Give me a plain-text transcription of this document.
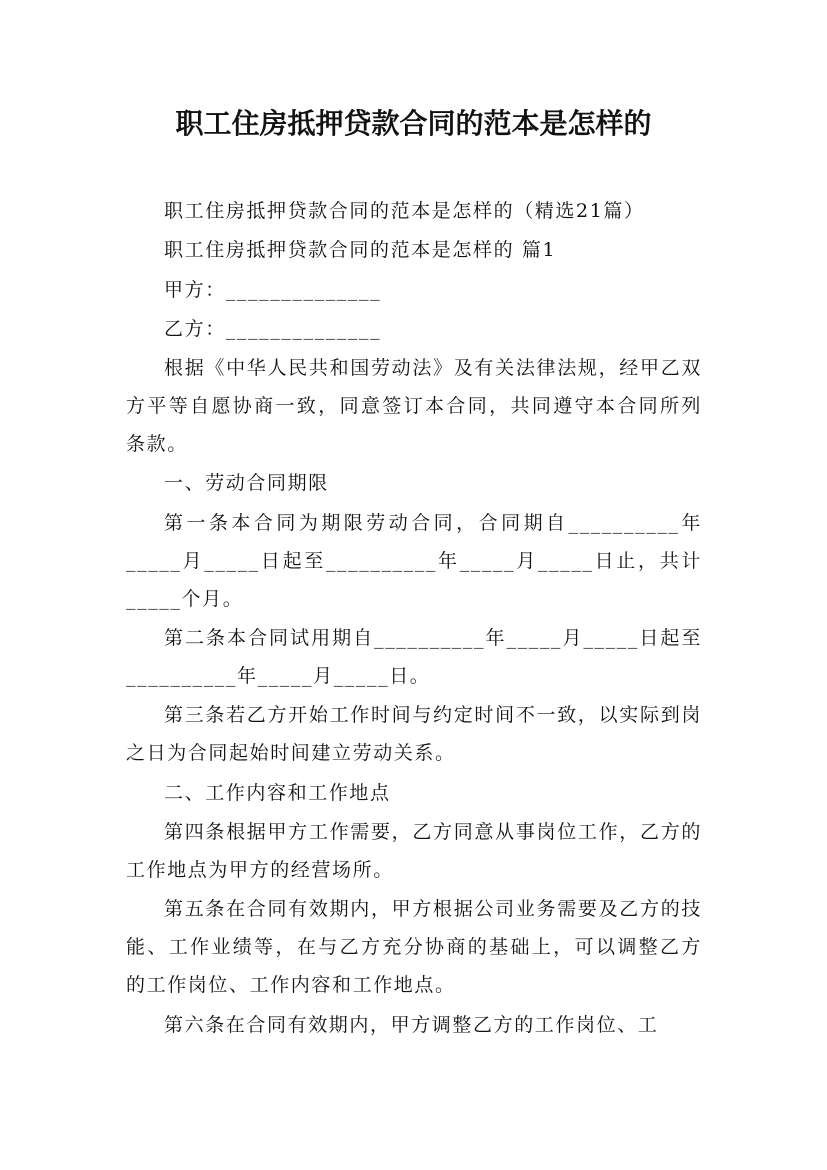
职工住房抵押贷款合同的范本是怎样的

职工住房抵押贷款合同的范本是怎样的（精选21篇）

职工住房抵押贷款合同的范本是怎样的 篇1

甲方：______________

乙方：______________

根据《中华人民共和国劳动法》及有关法律法规，经甲乙双方平等自愿协商一致，同意签订本合同，共同遵守本合同所列条款。

一、劳动合同期限

第一条本合同为期限劳动合同，合同期自__________年_____月_____日起至__________年_____月_____日止，共计_____个月。

第二条本合同试用期自__________年_____月_____日起至__________年_____月_____日。

第三条若乙方开始工作时间与约定时间不一致，以实际到岗之日为合同起始时间建立劳动关系。

二、工作内容和工作地点

第四条根据甲方工作需要，乙方同意从事岗位工作，乙方的工作地点为甲方的经营场所。

第五条在合同有效期内，甲方根据公司业务需要及乙方的技能、工作业绩等，在与乙方充分协商的基础上，可以调整乙方的工作岗位、工作内容和工作地点。

第六条在合同有效期内，甲方调整乙方的工作岗位、工
